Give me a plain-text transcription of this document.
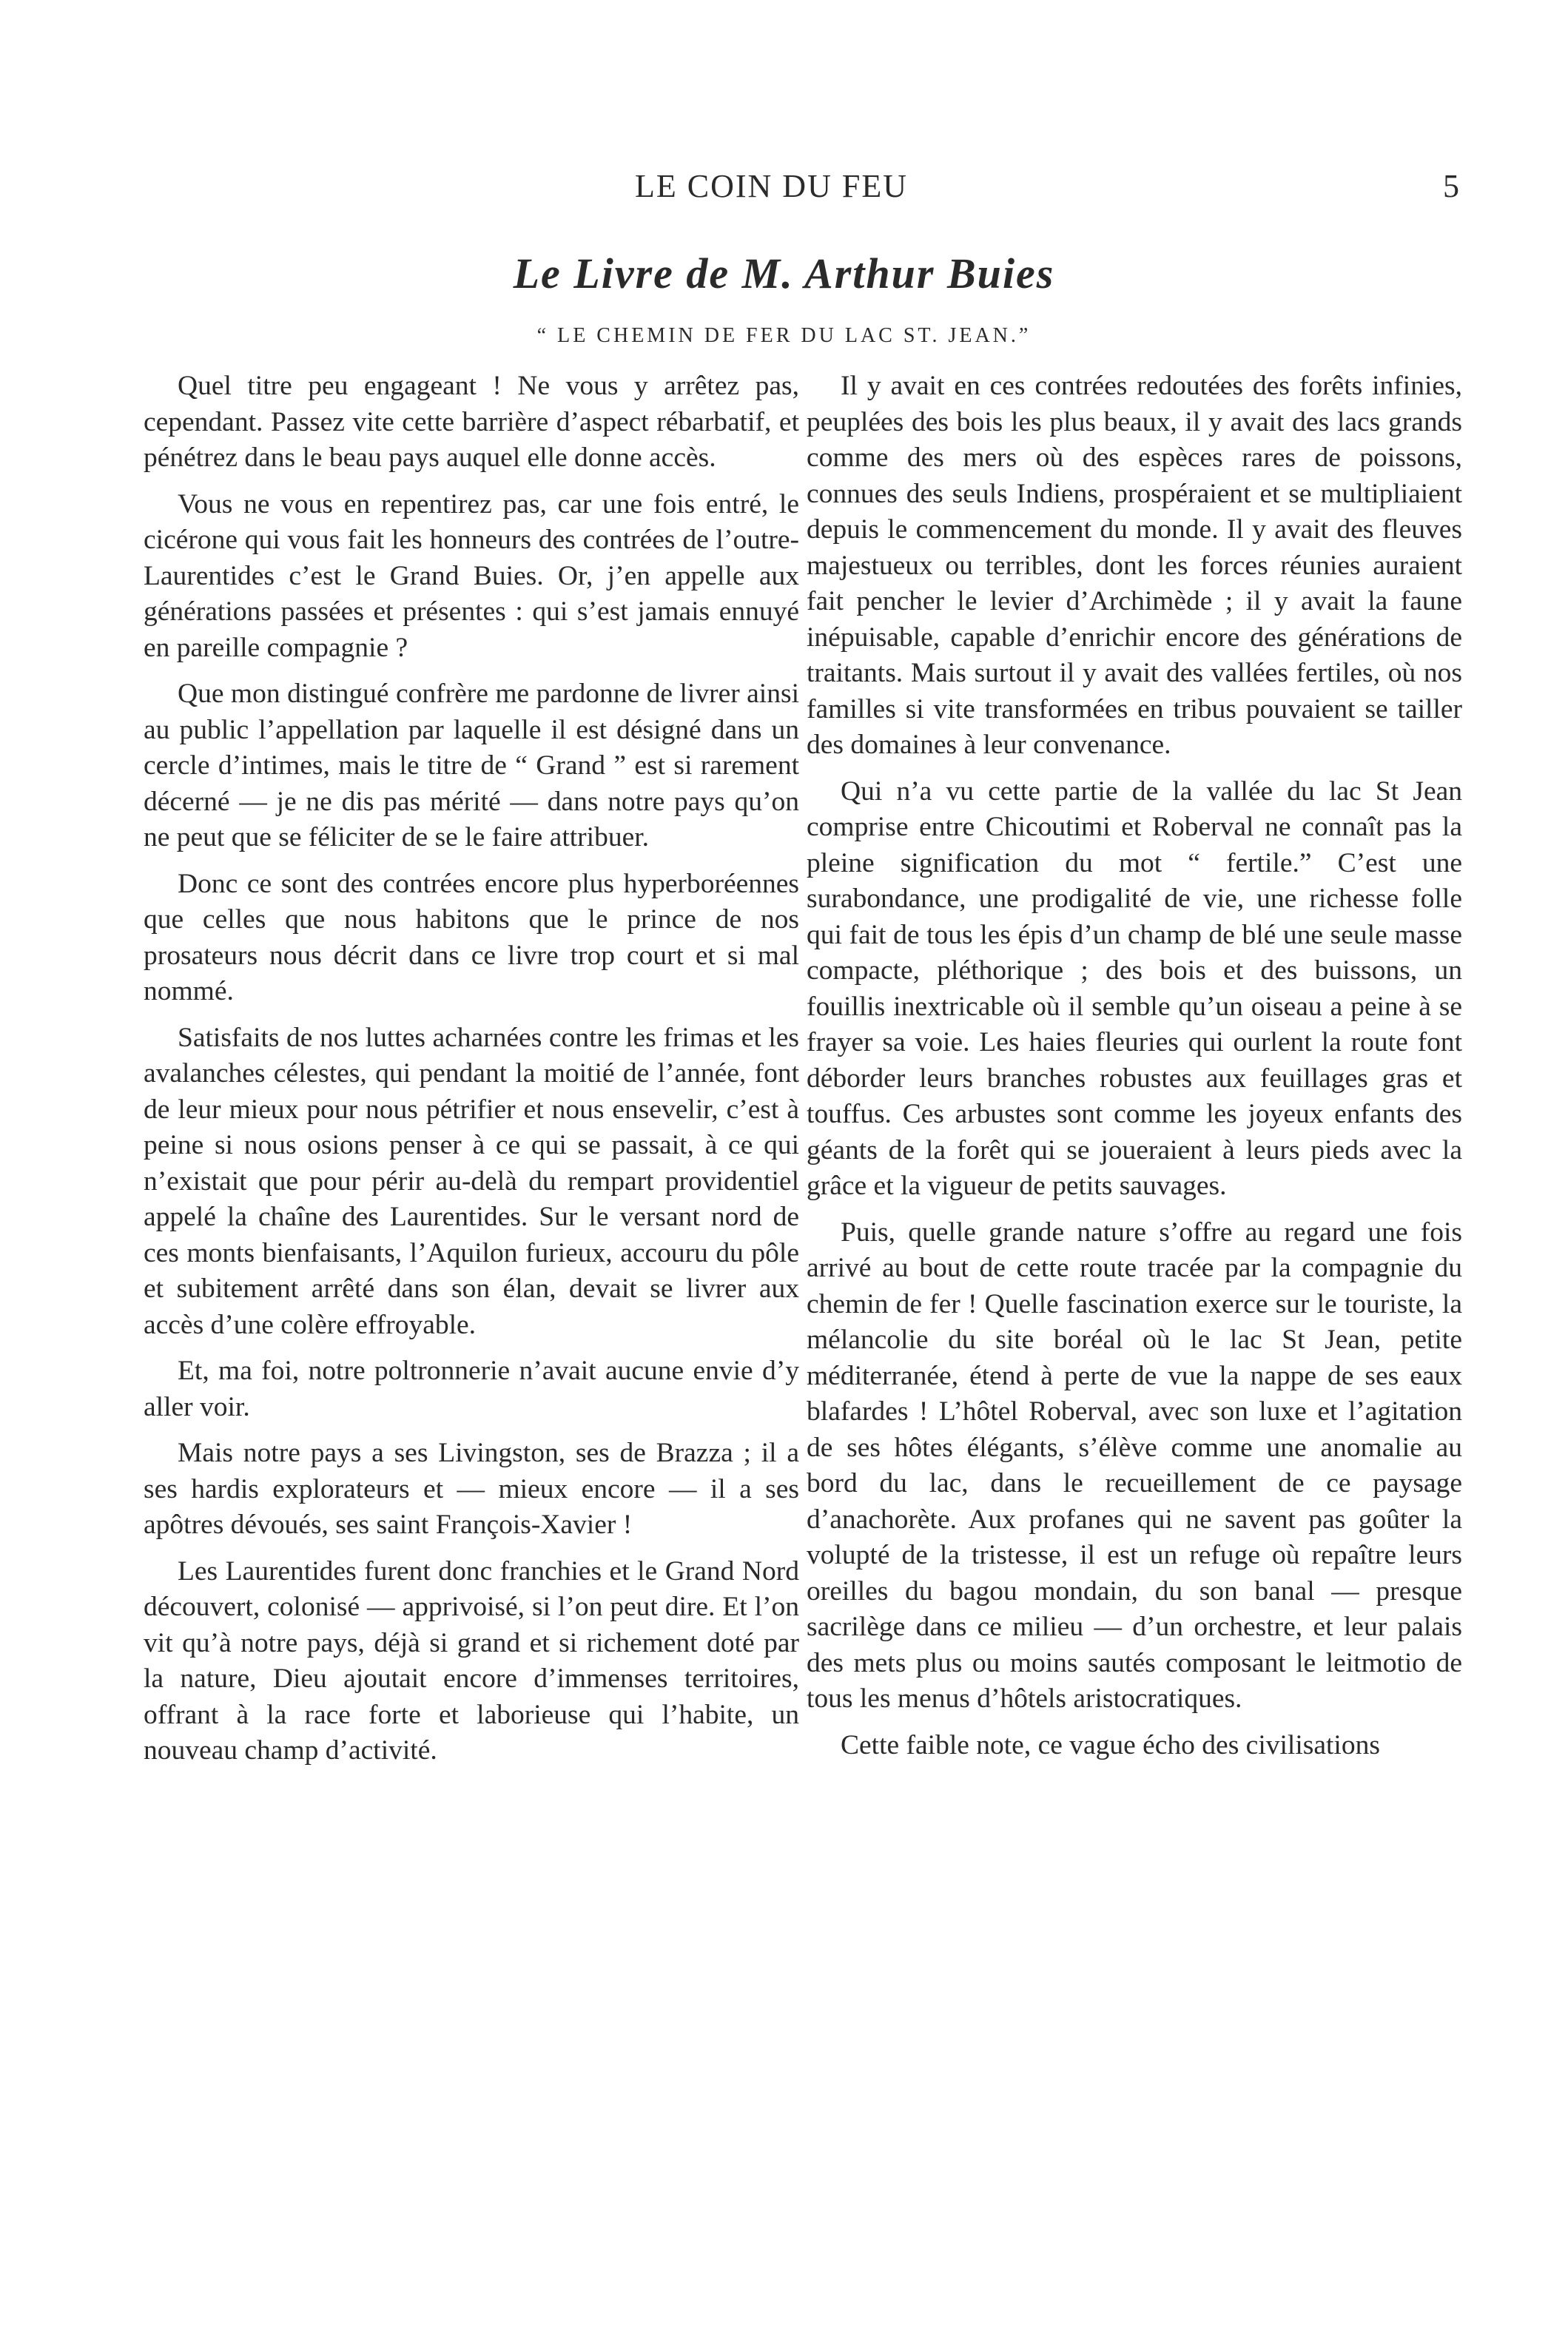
LE COIN DU FEU	5
Le Livre de M. Arthur Buies
“ LE CHEMIN DE FER DU LAC ST. JEAN.”

Quel titre peu engageant ! Ne vous y arrêtez pas, cependant. Passez vite cette barrière d’aspect rébarbatif, et pénétrez dans le beau pays auquel elle donne accès.

Vous ne vous en repentirez pas, car une fois entré, le cicérone qui vous fait les honneurs des contrées de l’outre-Laurentides c’est le Grand Buies. Or, j’en appelle aux générations passées et présentes : qui s’est jamais ennuyé en pareille compagnie ?

Que mon distingué confrère me pardonne de livrer ainsi au public l’appellation par laquelle il est désigné dans un cercle d’intimes, mais le titre de “ Grand ” est si rarement décerné — je ne dis pas mérité — dans notre pays qu’on ne peut que se féliciter de se le faire attribuer.

Donc ce sont des contrées encore plus hyperboréennes que celles que nous habitons que le prince de nos prosateurs nous décrit dans ce livre trop court et si mal nommé.

Satisfaits de nos luttes acharnées contre les frimas et les avalanches célestes, qui pendant la moitié de l’année, font de leur mieux pour nous pétrifier et nous ensevelir, c’est à peine si nous osions penser à ce qui se passait, à ce qui n’existait que pour périr au-delà du rempart providentiel appelé la chaîne des Laurentides. Sur le versant nord de ces monts bienfaisants, l’Aquilon furieux, accouru du pôle et subitement arrêté dans son élan, devait se livrer aux accès d’une colère effroyable.

Et, ma foi, notre poltronnerie n’avait aucune envie d’y aller voir.

Mais notre pays a ses Livingston, ses de Brazza ; il a ses hardis explorateurs et — mieux encore — il a ses apôtres dévoués, ses saint François-Xavier !

Les Laurentides furent donc franchies et le Grand Nord découvert, colonisé — apprivoisé, si l’on peut dire. Et l’on vit qu’à notre pays, déjà si grand et si richement doté par la nature, Dieu ajoutait encore d’immenses territoires, offrant à la race forte et laborieuse qui l’habite, un nouveau champ d’activité.

Il y avait en ces contrées redoutées des forêts infinies, peuplées des bois les plus beaux, il y avait des lacs grands comme des mers où des espèces rares de poissons, connues des seuls Indiens, prospéraient et se multipliaient depuis le commencement du monde. Il y avait des fleuves majestueux ou terribles, dont les forces réunies auraient fait pencher le levier d’Archimède ; il y avait la faune inépuisable, capable d’enrichir encore des générations de traitants. Mais surtout il y avait des vallées fertiles, où nos familles si vite transformées en tribus pouvaient se tailler des domaines à leur convenance.

Qui n’a vu cette partie de la vallée du lac St Jean comprise entre Chicoutimi et Roberval ne connaît pas la pleine signification du mot “ fertile.” C’est une surabondance, une prodigalité de vie, une richesse folle qui fait de tous les épis d’un champ de blé une seule masse compacte, pléthorique ; des bois et des buissons, un fouillis inextricable où il semble qu’un oiseau a peine à se frayer sa voie. Les haies fleuries qui ourlent la route font déborder leurs branches robustes aux feuillages gras et touffus. Ces arbustes sont comme les joyeux enfants des géants de la forêt qui se joueraient à leurs pieds avec la grâce et la vigueur de petits sauvages.

Puis, quelle grande nature s’offre au regard une fois arrivé au bout de cette route tracée par la compagnie du chemin de fer ! Quelle fascination exerce sur le touriste, la mélancolie du site boréal où le lac St Jean, petite méditerranée, étend à perte de vue la nappe de ses eaux blafardes ! L’hôtel Roberval, avec son luxe et l’agitation de ses hôtes élégants, s’élève comme une anomalie au bord du lac, dans le recueillement de ce paysage d’anachorète. Aux profanes qui ne savent pas goûter la volupté de la tristesse, il est un refuge où repaître leurs oreilles du bagou mondain, du son banal — presque sacrilège dans ce milieu — d’un orchestre, et leur palais des mets plus ou moins sautés composant le leitmotio de tous les menus d’hôtels aristocratiques.

Cette faible note, ce vague écho des civilisations
